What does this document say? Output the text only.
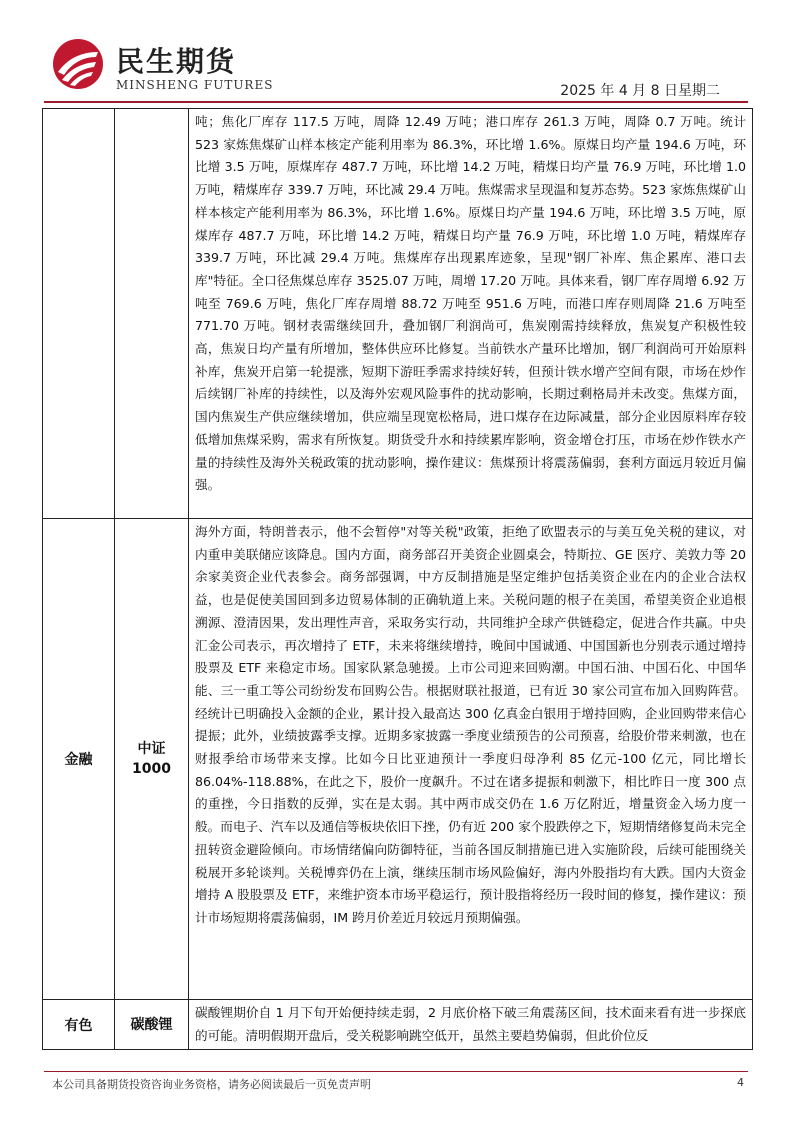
民生期货
MINSHENG FUTURES	2025 年 4 月 8 日星期二

		吨；焦化厂库存 117.5 万吨，周降 12.49 万吨；港口库存 261.3 万吨，周降 0.7 万吨。统计 523 家炼焦煤矿山样本核定产能利用率为 86.3%，环比增 1.6%。原煤日均产量 194.6 万吨，环比增 3.5 万吨，原煤库存 487.7 万吨，环比增 14.2 万吨，精煤日均产量 76.9 万吨，环比增 1.0 万吨，精煤库存 339.7 万吨，环比减 29.4 万吨。焦煤需求呈现温和复苏态势。523 家炼焦煤矿山样本核定产能利用率为 86.3%，环比增 1.6%。原煤日均产量 194.6 万吨，环比增 3.5 万吨，原煤库存 487.7 万吨，环比增 14.2 万吨，精煤日均产量 76.9 万吨，环比增 1.0 万吨，精煤库存 339.7 万吨，环比减 29.4 万吨。焦煤库存出现累库迹象，呈现"钢厂补库、焦企累库、港口去库"特征。全口径焦煤总库存 3525.07 万吨，周增 17.20 万吨。具体来看，钢厂库存周增 6.92 万吨至 769.6 万吨，焦化厂库存周增 88.72 万吨至 951.6 万吨，而港口库存则周降 21.6 万吨至 771.70 万吨。钢材表需继续回升，叠加钢厂利润尚可，焦炭刚需持续释放，焦炭复产积极性较高，焦炭日均产量有所增加，整体供应环比修复。当前铁水产量环比增加，钢厂利润尚可开始原料补库，焦炭开启第一轮提涨，短期下游旺季需求持续好转，但预计铁水增产空间有限，市场在炒作后续钢厂补库的持续性，以及海外宏观风险事件的扰动影响，长期过剩格局并未改变。焦煤方面，国内焦炭生产供应继续增加，供应端呈现宽松格局，进口煤存在边际减量，部分企业因原料库存较低增加焦煤采购，需求有所恢复。期货受升水和持续累库影响，资金增仓打压，市场在炒作铁水产量的持续性及海外关税政策的扰动影响，操作建议：焦煤预计将震荡偏弱，套利方面远月较近月偏强。

金融	中证 1000	海外方面，特朗普表示，他不会暂停"对等关税"政策，拒绝了欧盟表示的与美互免关税的建议，对内重申美联储应该降息。国内方面，商务部召开美资企业圆桌会，特斯拉、GE 医疗、美敦力等 20 余家美资企业代表参会。商务部强调，中方反制措施是坚定维护包括美资企业在内的企业合法权益，也是促使美国回到多边贸易体制的正确轨道上来。关税问题的根子在美国，希望美资企业追根溯源、澄清因果，发出理性声音，采取务实行动，共同维护全球产供链稳定，促进合作共赢。中央汇金公司表示，再次增持了 ETF，未来将继续增持，晚间中国诚通、中国国新也分别表示通过增持股票及 ETF 来稳定市场。国家队紧急驰援。上市公司迎来回购潮。中国石油、中国石化、中国华能、三一重工等公司纷纷发布回购公告。根据财联社报道，已有近 30 家公司宣布加入回购阵营。经统计已明确投入金额的企业，累计投入最高达 300 亿真金白银用于增持回购，企业回购带来信心提振；此外，业绩披露季支撑。近期多家披露一季度业绩预告的公司预喜，给股价带来刺激，也在财报季给市场带来支撑。比如今日比亚迪预计一季度归母净利 85 亿元-100 亿元，同比增长 86.04%-118.88%，在此之下，股价一度飙升。不过在诸多提振和刺激下，相比昨日一度 300 点的重挫，今日指数的反弹，实在是太弱。其中两市成交仍在 1.6 万亿附近，增量资金入场力度一般。而电子、汽车以及通信等板块依旧下挫，仍有近 200 家个股跌停之下，短期情绪修复尚未完全扭转资金避险倾向。市场情绪偏向防御特征，当前各国反制措施已进入实施阶段，后续可能围绕关税展开多轮谈判。关税博弈仍在上演，继续压制市场风险偏好，海内外股指均有大跌。国内大资金增持 A 股股票及 ETF，来维护资本市场平稳运行，预计股指将经历一段时间的修复，操作建议：预计市场短期将震荡偏弱，IM 跨月价差近月较远月预期偏强。

有色	碳酸锂	碳酸锂期价自 1 月下旬开始便持续走弱，2 月底价格下破三角震荡区间，技术面来看有进一步探底的可能。清明假期开盘后，受关税影响跳空低开，虽然主要趋势偏弱，但此价位反
本公司具备期货投资咨询业务资格，请务必阅读最后一页免责声明	4
